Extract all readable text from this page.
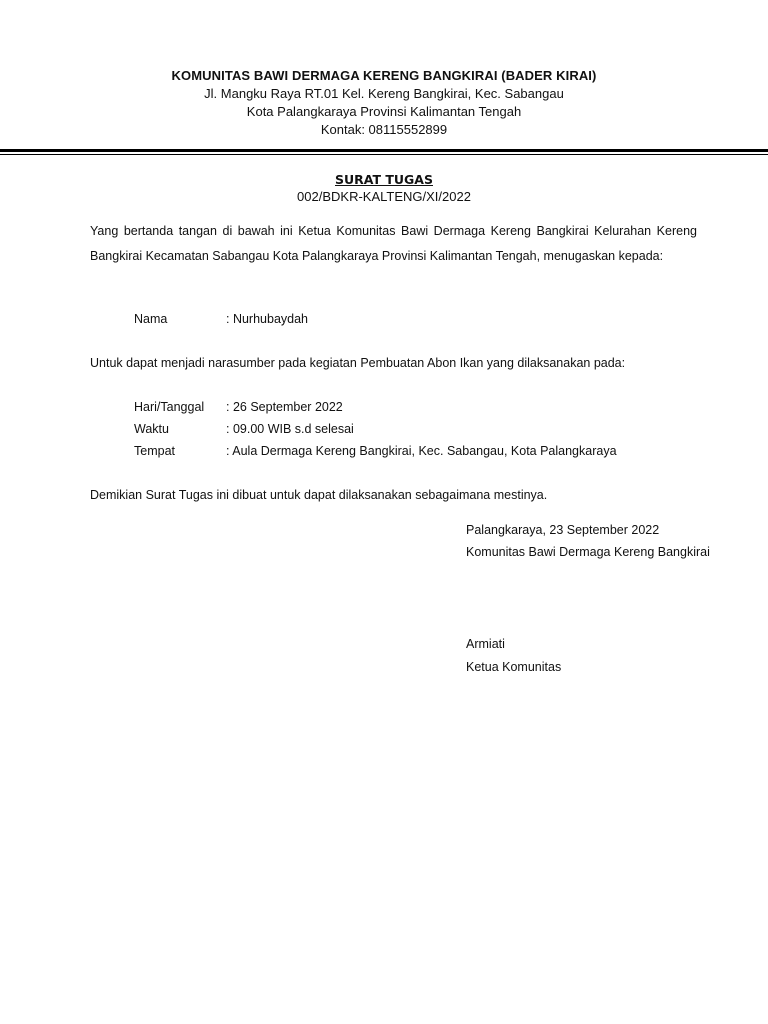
KOMUNITAS BAWI DERMAGA KERENG BANGKIRAI (BADER KIRAI)
Jl. Mangku Raya RT.01 Kel. Kereng Bangkirai, Kec. Sabangau
Kota Palangkaraya Provinsi Kalimantan Tengah
Kontak: 08115552899
SURAT TUGAS
002/BDKR-KALTENG/XI/2022
Yang bertanda tangan di bawah ini Ketua Komunitas Bawi Dermaga Kereng Bangkirai Kelurahan Kereng Bangkirai Kecamatan Sabangau Kota Palangkaraya Provinsi Kalimantan Tengah, menugaskan kepada:
Nama	: Nurhubaydah
Untuk dapat menjadi narasumber pada kegiatan Pembuatan Abon Ikan yang dilaksanakan pada:
Hari/Tanggal : 26 September 2022
Waktu	: 09.00 WIB s.d selesai
Tempat	: Aula Dermaga Kereng Bangkirai, Kec. Sabangau, Kota Palangkaraya
Demikian Surat Tugas ini dibuat untuk dapat dilaksanakan sebagaimana mestinya.
Palangkaraya, 23 September 2022
Komunitas Bawi Dermaga Kereng Bangkirai
Armiati
Ketua Komunitas
